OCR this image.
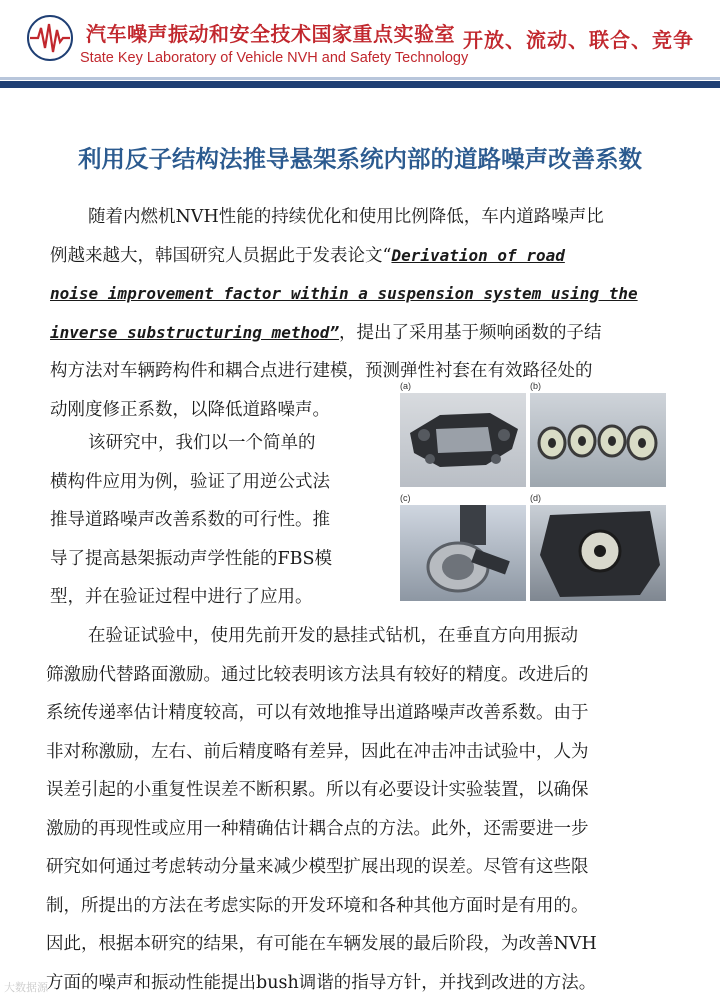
汽车噪声振动和安全技术国家重点实验室
State Key Laboratory of Vehicle NVH and Safety Technology
开放、流动、联合、竞争
利用反子结构法推导悬架系统内部的道路噪声改善系数
随着内燃机NVH性能的持续优化和使用比例降低，车内道路噪声比
例越来越大，韩国研究人员据此于发表论文“Derivation of road
noise improvement factor within a suspension system using the
inverse substructuring method”，提出了采用基于频响函数的子结
构方法对车辆跨构件和耦合点进行建模，预测弹性衬套在有效路径处的
动刚度修正系数，以降低道路噪声。
该研究中，我们以一个简单的
横构件应用为例，验证了用逆公式法
推导道路噪声改善系数的可行性。推
导了提高悬架振动声学性能的FBS模
型，并在验证过程中进行了应用。
(a)	(b)
(c)	(d)
在验证试验中，使用先前开发的悬挂式钻机，在垂直方向用振动
筛激励代替路面激励。通过比较表明该方法具有较好的精度。改进后的
系统传递率估计精度较高，可以有效地推导出道路噪声改善系数。由于
非对称激励，左右、前后精度略有差异，因此在冲击冲击试验中，人为
误差引起的小重复性误差不断积累。所以有必要设计实验装置，以确保
激励的再现性或应用一种精确估计耦合点的方法。此外，还需要进一步
研究如何通过考虑转动分量来减少模型扩展出现的误差。尽管有这些限
制，所提出的方法在考虑实际的开发环境和各种其他方面时是有用的。
因此，根据本研究的结果，有可能在车辆发展的最后阶段，为改善NVH
方面的噪声和振动性能提出bush调谐的指导方针，并找到改进的方法。
大数据源
